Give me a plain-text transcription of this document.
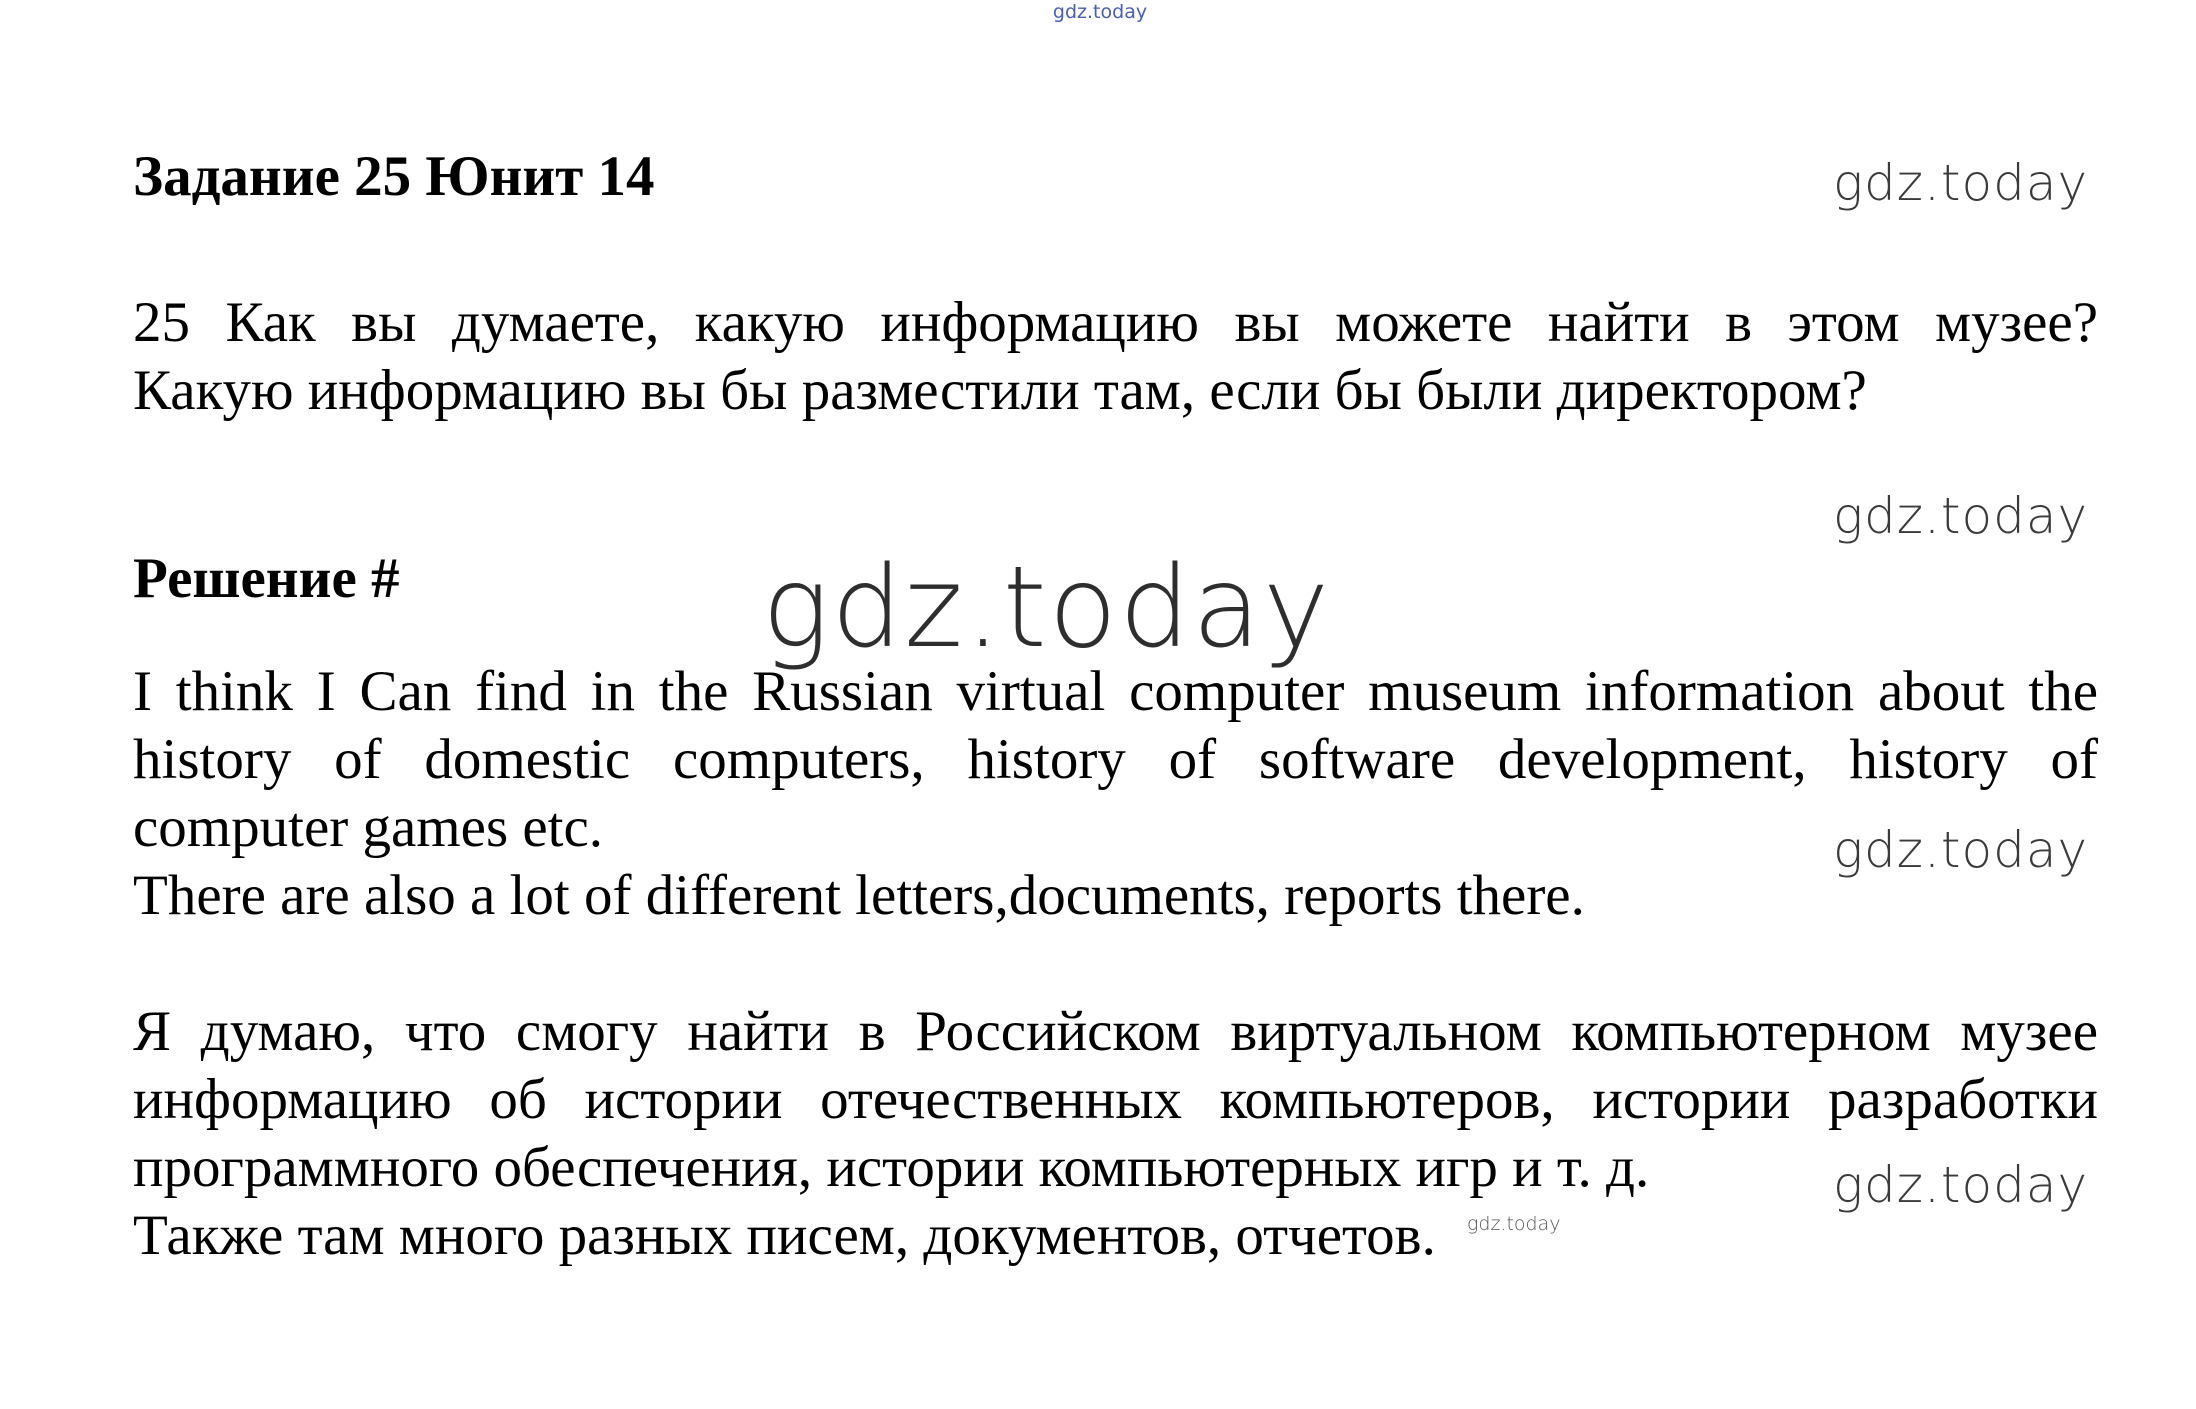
gdz.today
Задание 25 Юнит 14	gdz.today
25 Как вы думаете, какую информацию вы можете найти в этом музее?
Какую информацию вы бы разместили там, если бы были директором?
gdz.today
Решение #	gdz.today
I think I Can find in the Russian virtual computer museum information about the
history of domestic computers, history of software development, history of
computer games etc.
There are also a lot of different letters,documents, reports there.
gdz.today
Я думаю, что смогу найти в Российском виртуальном компьютерном музее
информацию об истории отечественных компьютеров, истории разработки
программного обеспечения, истории компьютерных игр и т. д.
Также там много разных писем, документов, отчетов.
gdz.today
gdz.today
